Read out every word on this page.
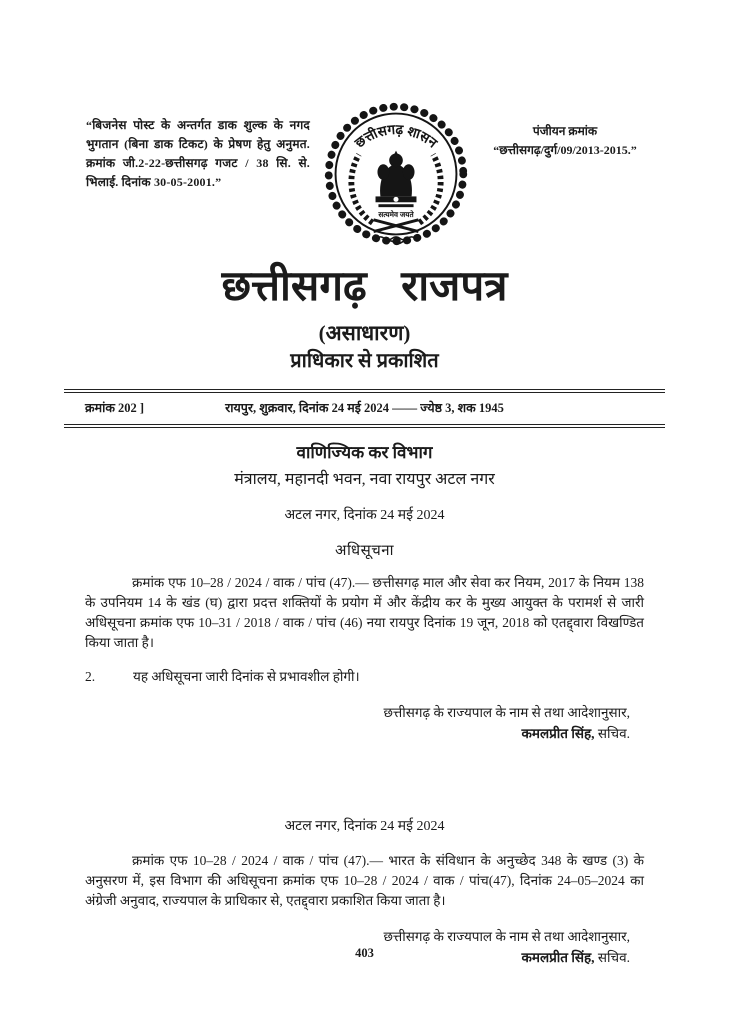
“बिजनेस पोस्ट के अन्तर्गत डाक शुल्क के नगद भुगतान (बिना डाक टिकट) के प्रेषण हेतु अनुमत. क्रमांक जी.2-22-छत्तीसगढ़ गजट / 38 सि. से. भिलाई. दिनांक 30-05-2001.”
छत्तीसगढ़ शासन
सत्यमेव जयते
पंजीयन क्रमांक
“छत्तीसगढ़/दुर्ग/09/2013-2015.”
छत्तीसगढ़ राजपत्र
(असाधारण)
प्राधिकार से प्रकाशित
क्रमांक 202 ]	रायपुर, शुक्रवार, दिनांक 24 मई 2024 —— ज्येष्ठ 3, शक 1945
वाणिज्यिक कर विभाग
मंत्रालय, महानदी भवन, नवा रायपुर अटल नगर
अटल नगर, दिनांक 24 मई 2024
अधिसूचना
क्रमांक एफ 10–28 / 2024 / वाक / पांच (47).— छत्तीसगढ़ माल और सेवा कर नियम, 2017 के नियम 138 के उपनियम 14 के खंड (घ) द्वारा प्रदत्त शक्तियों के प्रयोग में और केंद्रीय कर के मुख्य आयुक्त के परामर्श से जारी अधिसूचना क्रमांक एफ 10–31 / 2018 / वाक / पांच (46) नया रायपुर दिनांक 19 जून, 2018 को एतद्द्वारा विखण्डित किया जाता है।
2.	यह अधिसूचना जारी दिनांक से प्रभावशील होगी।
छत्तीसगढ़ के राज्यपाल के नाम से तथा आदेशानुसार,
कमलप्रीत सिंह, सचिव.
अटल नगर, दिनांक 24 मई 2024
क्रमांक एफ 10–28 / 2024 / वाक / पांच (47).— भारत के संविधान के अनुच्छेद 348 के खण्ड (3) के अनुसरण में, इस विभाग की अधिसूचना क्रमांक एफ 10–28 / 2024 / वाक / पांच(47), दिनांक 24–05–2024 का अंग्रेजी अनुवाद, राज्यपाल के प्राधिकार से, एतद्द्वारा प्रकाशित किया जाता है।
छत्तीसगढ़ के राज्यपाल के नाम से तथा आदेशानुसार,
कमलप्रीत सिंह, सचिव.
403
